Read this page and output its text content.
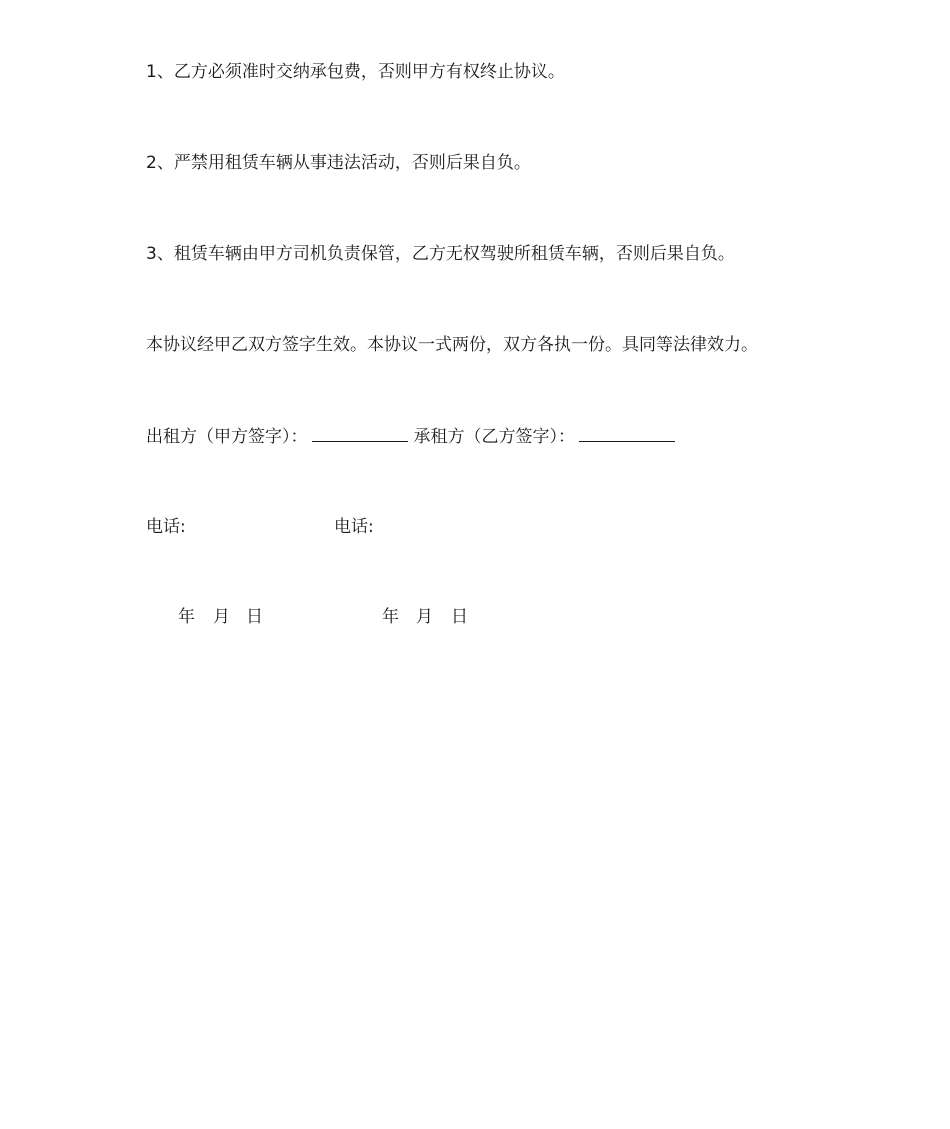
1、乙方必须准时交纳承包费，否则甲方有权终止协议。
2、严禁用租赁车辆从事违法活动，否则后果自负。
3、租赁车辆由甲方司机负责保管，乙方无权驾驶所租赁车辆，否则后果自负。
本协议经甲乙双方签字生效。本协议一式两份，双方各执一份。具同等法律效力。
出租方（甲方签字）：	承租方（乙方签字）：
电话:	电话:
年 月 日	年 月 日
